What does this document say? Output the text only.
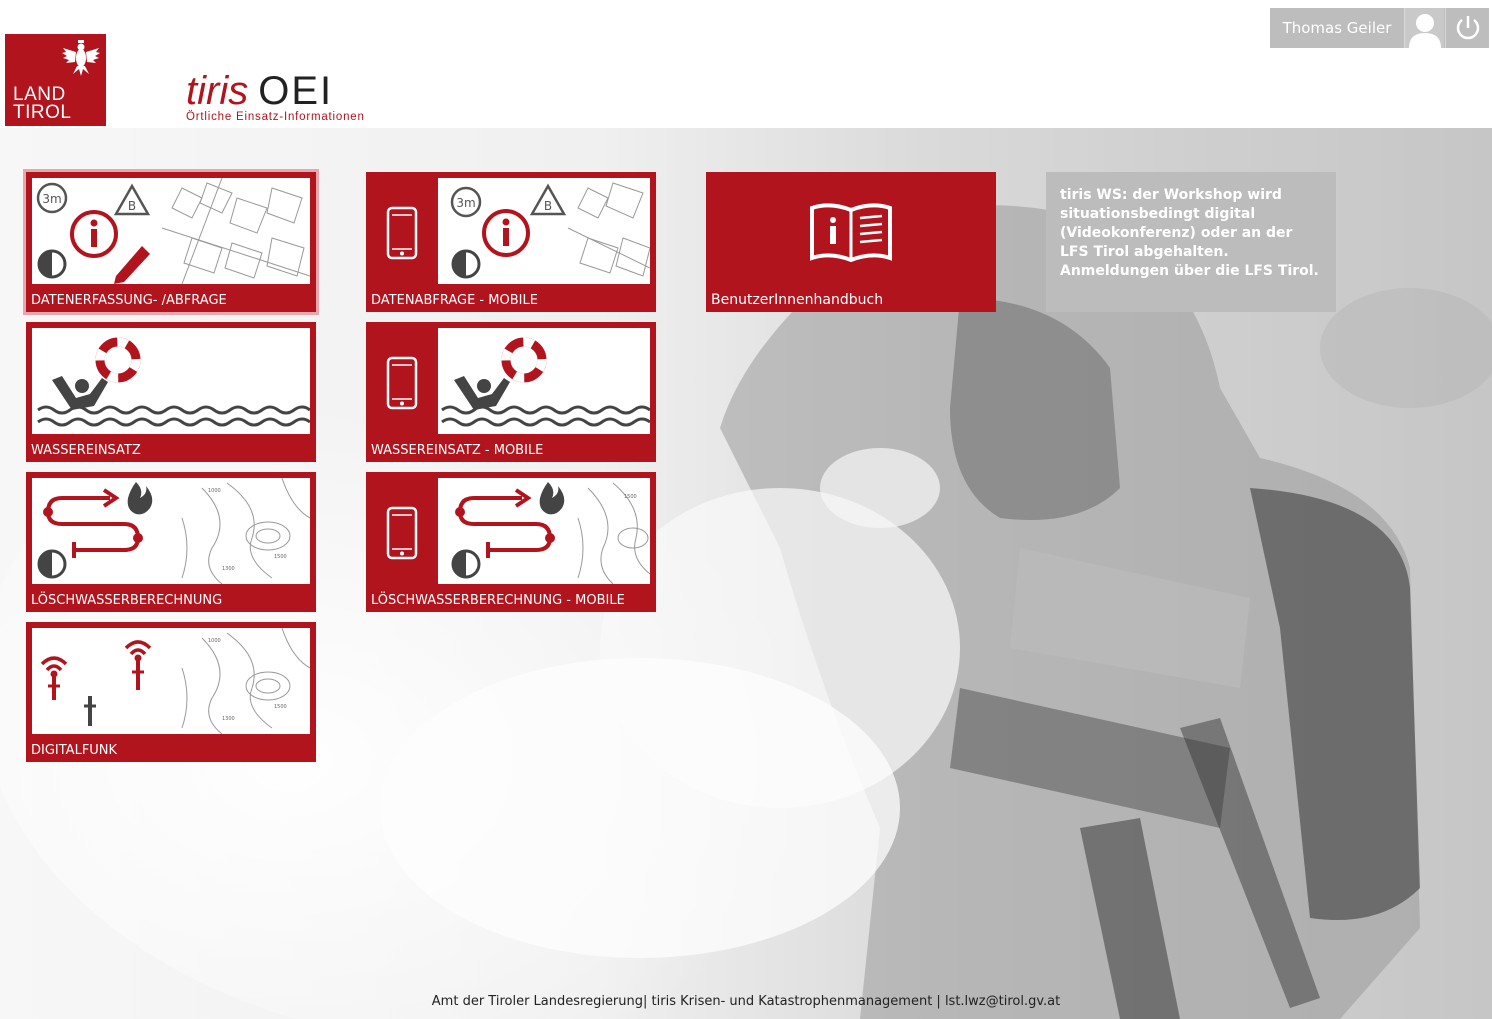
LAND
TIROL	tiris OEI
Örtliche Einsatz-Informationen
Thomas Geiler
3m	B
DATENERFASSUNG- /ABFRAGE
3m	B
DATENABFRAGE - MOBILE	BenutzerInnenhandbuch
tiris WS: der Workshop wird situationsbedingt digital (Videokonferenz) oder an der LFS Tirol abgehalten. Anmeldungen über die LFS Tirol.
WASSEREINSATZ	WASSEREINSATZ - MOBILE
1000
1300
1500
LÖSCHWASSERBERECHNUNG
1500
LÖSCHWASSERBERECHNUNG - MOBILE
1000
1300
1500
DIGITALFUNK
Amt der Tiroler Landesregierung| tiris Krisen- und Katastrophenmanagement | lst.lwz@tirol.gv.at
